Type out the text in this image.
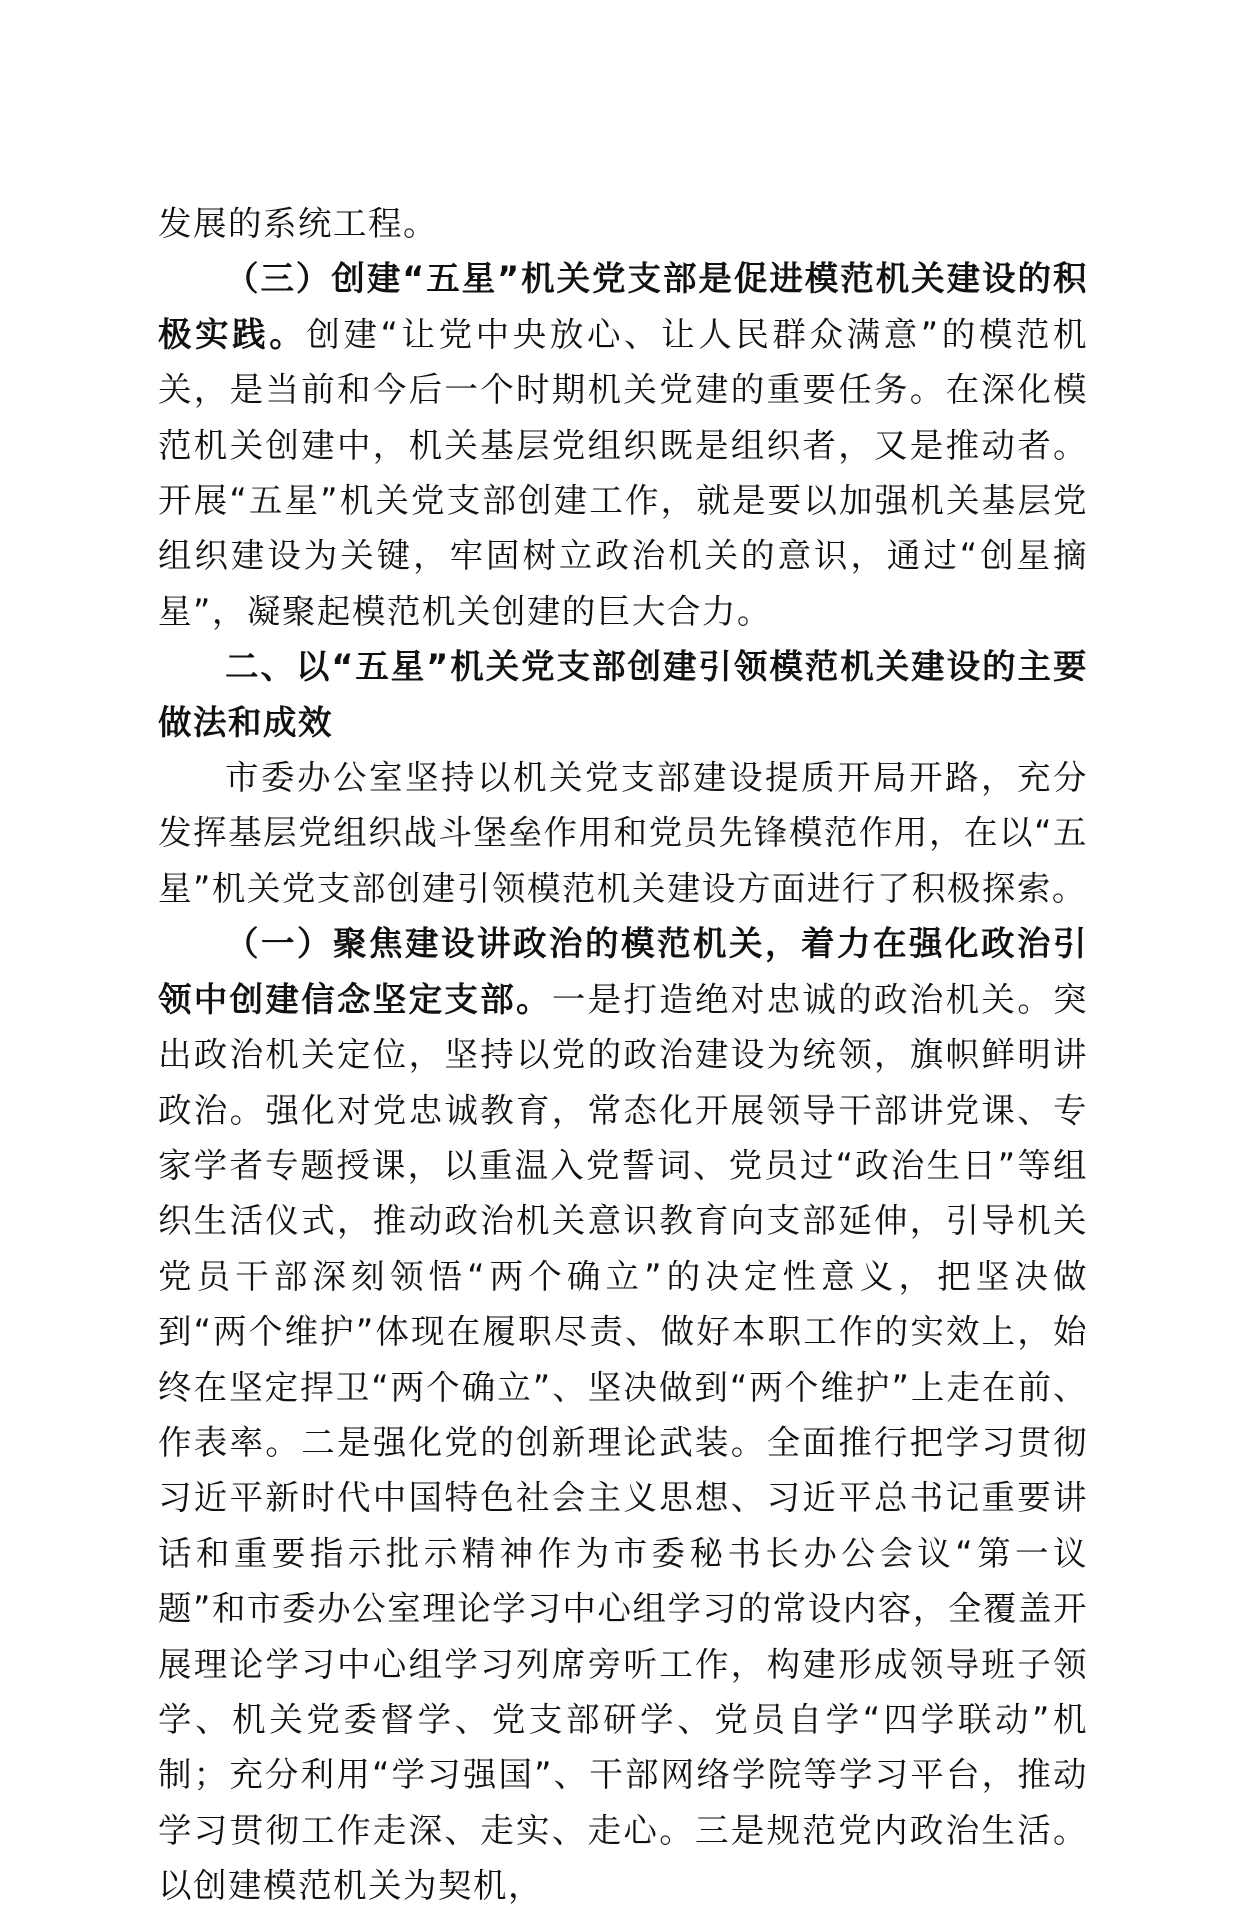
发展的系统工程。

（三）创建“五星”机关党支部是促进模范机关建设的积极实践。创建“让党中央放心、让人民群众满意”的模范机关，是当前和今后一个时期机关党建的重要任务。在深化模范机关创建中，机关基层党组织既是组织者，又是推动者。开展“五星”机关党支部创建工作，就是要以加强机关基层党组织建设为关键，牢固树立政治机关的意识，通过“创星摘星”，凝聚起模范机关创建的巨大合力。

二、以“五星”机关党支部创建引领模范机关建设的主要做法和成效

市委办公室坚持以机关党支部建设提质开局开路，充分发挥基层党组织战斗堡垒作用和党员先锋模范作用，在以“五星”机关党支部创建引领模范机关建设方面进行了积极探索。

（一）聚焦建设讲政治的模范机关，着力在强化政治引领中创建信念坚定支部。一是打造绝对忠诚的政治机关。突出政治机关定位，坚持以党的政治建设为统领，旗帜鲜明讲政治。强化对党忠诚教育，常态化开展领导干部讲党课、专家学者专题授课，以重温入党誓词、党员过“政治生日”等组织生活仪式，推动政治机关意识教育向支部延伸，引导机关党员干部深刻领悟“两个确立”的决定性意义，把坚决做到“两个维护”体现在履职尽责、做好本职工作的实效上，始终在坚定捍卫“两个确立”、坚决做到“两个维护”上走在前、作表率。二是强化党的创新理论武装。全面推行把学习贯彻习近平新时代中国特色社会主义思想、习近平总书记重要讲话和重要指示批示精神作为市委秘书长办公会议“第一议题”和市委办公室理论学习中心组学习的常设内容，全覆盖开展理论学习中心组学习列席旁听工作，构建形成领导班子领学、机关党委督学、党支部研学、党员自学“四学联动”机制；充分利用“学习强国”、干部网络学院等学习平台，推动学习贯彻工作走深、走实、走心。三是规范党内政治生活。以创建模范机关为契机，
